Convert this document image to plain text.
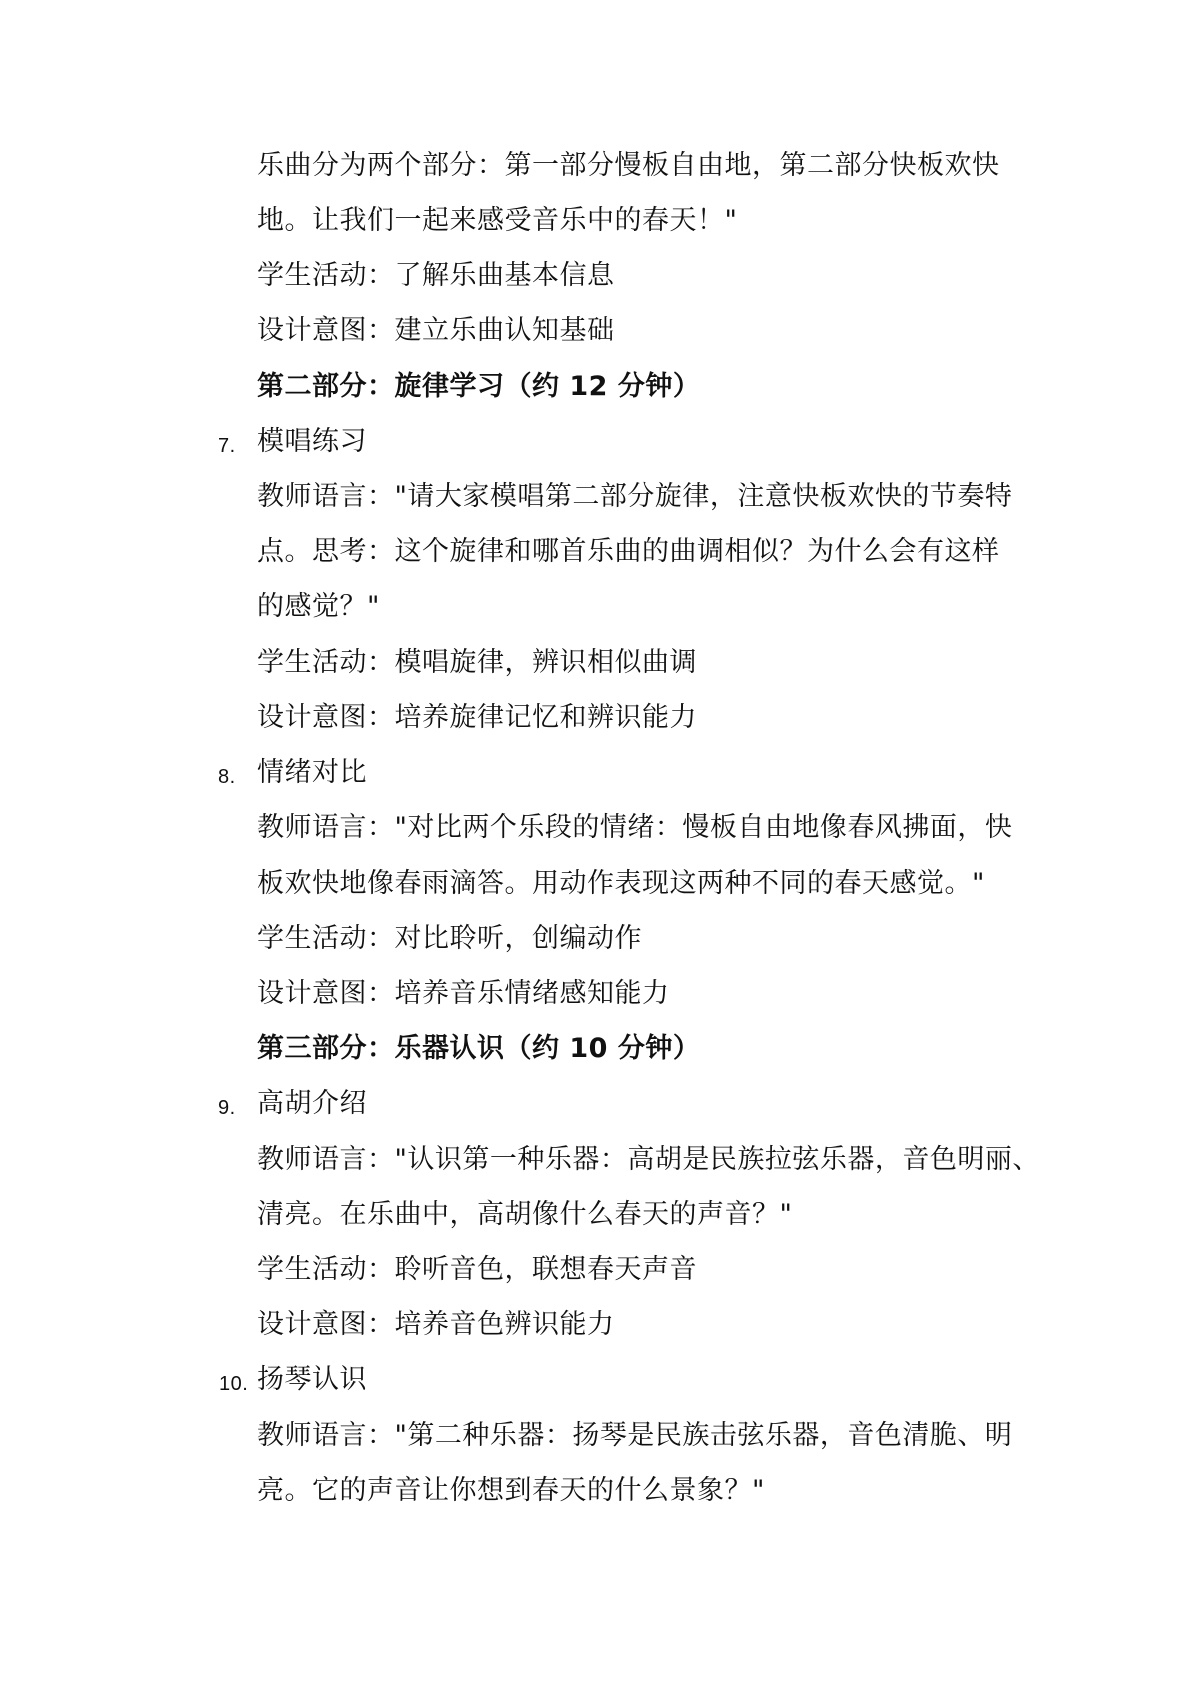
乐曲分为两个部分：第一部分慢板自由地，第二部分快板欢快
地。让我们一起来感受音乐中的春天！"
学生活动：了解乐曲基本信息
设计意图：建立乐曲认知基础
第二部分：旋律学习（约 12 分钟）
7. 模唱练习
教师语言："请大家模唱第二部分旋律，注意快板欢快的节奏特
点。思考：这个旋律和哪首乐曲的曲调相似？为什么会有这样
的感觉？"
学生活动：模唱旋律，辨识相似曲调
设计意图：培养旋律记忆和辨识能力
8. 情绪对比
教师语言："对比两个乐段的情绪：慢板自由地像春风拂面，快
板欢快地像春雨滴答。用动作表现这两种不同的春天感觉。"
学生活动：对比聆听，创编动作
设计意图：培养音乐情绪感知能力
第三部分：乐器认识（约 10 分钟）
9. 高胡介绍
教师语言："认识第一种乐器：高胡是民族拉弦乐器，音色明丽、
清亮。在乐曲中，高胡像什么春天的声音？"
学生活动：聆听音色，联想春天声音
设计意图：培养音色辨识能力
10. 扬琴认识
教师语言："第二种乐器：扬琴是民族击弦乐器，音色清脆、明
亮。它的声音让你想到春天的什么景象？"
